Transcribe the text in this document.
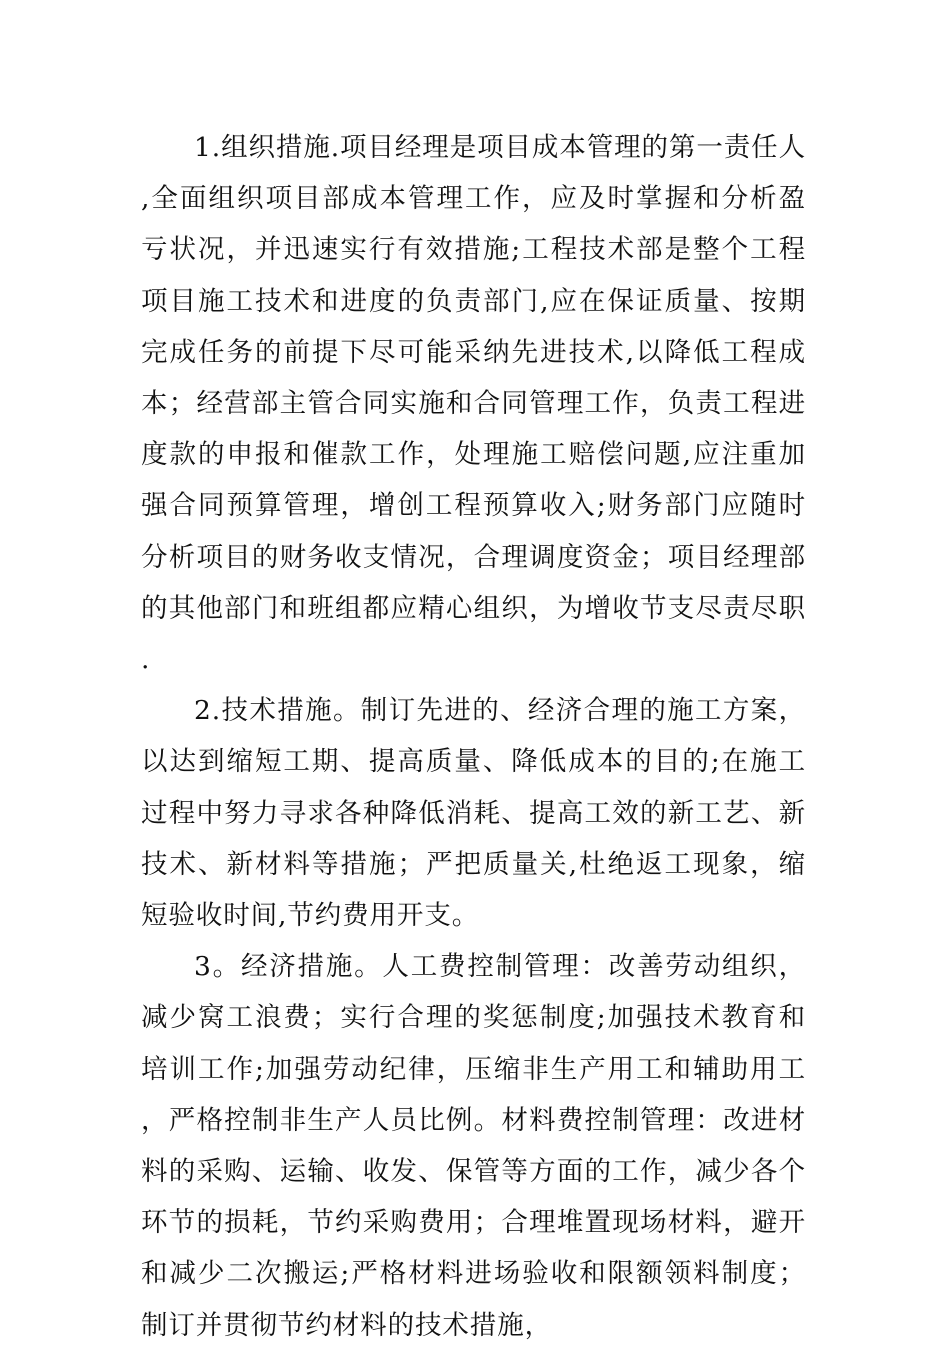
1.组织措施.项目经理是项目成本管理的第一责任人,全面组织项目部成本管理工作，应及时掌握和分析盈亏状况，并迅速实行有效措施;工程技术部是整个工程项目施工技术和进度的负责部门,应在保证质量、按期完成任务的前提下尽可能采纳先进技术,以降低工程成本；经营部主管合同实施和合同管理工作，负责工程进度款的申报和催款工作，处理施工赔偿问题,应注重加强合同预算管理，增创工程预算收入;财务部门应随时分析项目的财务收支情况，合理调度资金；项目经理部的其他部门和班组都应精心组织，为增收节支尽责尽职.

2.技术措施。制订先进的、经济合理的施工方案，以达到缩短工期、提高质量、降低成本的目的;在施工过程中努力寻求各种降低消耗、提高工效的新工艺、新技术、新材料等措施；严把质量关,杜绝返工现象，缩短验收时间,节约费用开支。

3。经济措施。人工费控制管理：改善劳动组织，减少窝工浪费；实行合理的奖惩制度;加强技术教育和培训工作;加强劳动纪律，压缩非生产用工和辅助用工，严格控制非生产人员比例。材料费控制管理：改进材料的采购、运输、收发、保管等方面的工作，减少各个环节的损耗，节约采购费用；合理堆置现场材料，避开和减少二次搬运;严格材料进场验收和限额领料制度；制订并贯彻节约材料的技术措施，
